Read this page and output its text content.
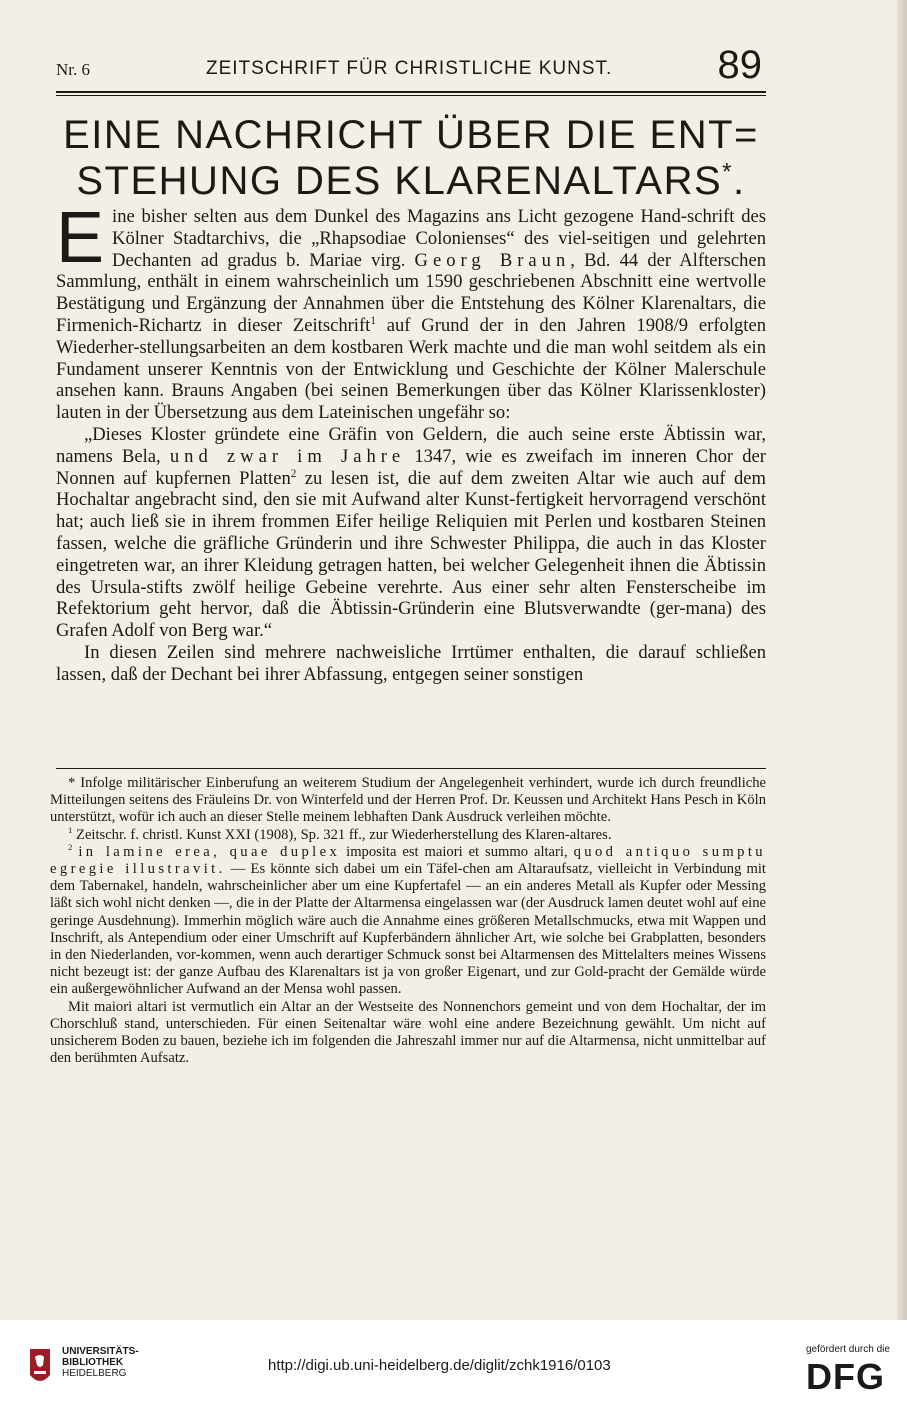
Nr. 6	ZEITSCHRIFT FÜR CHRISTLICHE KUNST.	89
EINE NACHRICHT ÜBER DIE ENT=
STEHUNG DES KLARENALTARS*.

Eine bisher selten aus dem Dunkel des Magazins ans Licht gezogene Hand-schrift des Kölner Stadtarchivs, die „Rhapsodiae Colonienses“ des viel-seitigen und gelehrten Dechanten ad gradus b. Mariae virg. Georg Braun, Bd. 44 der Alfterschen Sammlung, enthält in einem wahrscheinlich um 1590 geschriebenen Abschnitt eine wertvolle Bestätigung und Ergänzung der Annahmen über die Entstehung des Kölner Klarenaltars, die Firmenich-Richartz in dieser Zeitschrift$^1$ auf Grund der in den Jahren 1908/9 erfolgten Wiederher-stellungsarbeiten an dem kostbaren Werk machte und die man wohl seitdem als ein Fundament unserer Kenntnis von der Entwicklung und Geschichte der Kölner Malerschule ansehen kann. Brauns Angaben (bei seinen Bemerkungen über das Kölner Klarissenkloster) lauten in der Übersetzung aus dem Lateinischen ungefähr so:

„Dieses Kloster gründete eine Gräfin von Geldern, die auch seine erste Äbtissin war, namens Bela, und zwar im Jahre 1347, wie es zweifach im inneren Chor der Nonnen auf kupfernen Platten$^2$ zu lesen ist, die auf dem zweiten Altar wie auch auf dem Hochaltar angebracht sind, den sie mit Aufwand alter Kunst-fertigkeit hervorragend verschönt hat; auch ließ sie in ihrem frommen Eifer heilige Reliquien mit Perlen und kostbaren Steinen fassen, welche die gräfliche Gründerin und ihre Schwester Philippa, die auch in das Kloster eingetreten war, an ihrer Kleidung getragen hatten, bei welcher Gelegenheit ihnen die Äbtissin des Ursula-stifts zwölf heilige Gebeine verehrte. Aus einer sehr alten Fensterscheibe im Refektorium geht hervor, daß die Äbtissin-Gründerin eine Blutsverwandte (ger-mana) des Grafen Adolf von Berg war.“

In diesen Zeilen sind mehrere nachweisliche Irrtümer enthalten, die darauf schließen lassen, daß der Dechant bei ihrer Abfassung, entgegen seiner sonstigen

* Infolge militärischer Einberufung an weiterem Studium der Angelegenheit verhindert, wurde ich durch freundliche Mitteilungen seitens des Fräuleins Dr. von Winterfeld und der Herren Prof. Dr. Keussen und Architekt Hans Pesch in Köln unterstützt, wofür ich auch an dieser Stelle meinem lebhaften Dank Ausdruck verleihen möchte.

$^1$ Zeitschr. f. christl. Kunst XXI (1908), Sp. 321 ff., zur Wiederherstellung des Klaren-altares.

$^2$ in lamine erea, quae duplex imposita est maiori et summo altari, quod antiquo sumptu egregie illustravit. — Es könnte sich dabei um ein Täfel-chen am Altaraufsatz, vielleicht in Verbindung mit dem Tabernakel, handeln, wahrscheinlicher aber um eine Kupfertafel — an ein anderes Metall als Kupfer oder Messing läßt sich wohl nicht denken —, die in der Platte der Altarmensa eingelassen war (der Ausdruck lamen deutet wohl auf eine geringe Ausdehnung). Immerhin möglich wäre auch die Annahme eines größeren Metallschmucks, etwa mit Wappen und Inschrift, als Antependium oder einer Umschrift auf Kupferbändern ähnlicher Art, wie solche bei Grabplatten, besonders in den Niederlanden, vor-kommen, wenn auch derartiger Schmuck sonst bei Altarmensen des Mittelalters meines Wissens nicht bezeugt ist: der ganze Aufbau des Klarenaltars ist ja von großer Eigenart, und zur Gold-pracht der Gemälde würde ein außergewöhnlicher Aufwand an der Mensa wohl passen.

Mit maiori altari ist vermutlich ein Altar an der Westseite des Nonnenchors gemeint und von dem Hochaltar, der im Chorschluß stand, unterschieden. Für einen Seitenaltar wäre wohl eine andere Bezeichnung gewählt. Um nicht auf unsicherem Boden zu bauen, beziehe ich im folgenden die Jahreszahl immer nur auf die Altarmensa, nicht unmittelbar auf den berühmten Aufsatz.

UNIVERSITÄTS-
BIBLIOTHEK
HEIDELBERG	http://digi.ub.uni-heidelberg.de/diglit/zchk1916/0103
gefördert durch die
DFG
